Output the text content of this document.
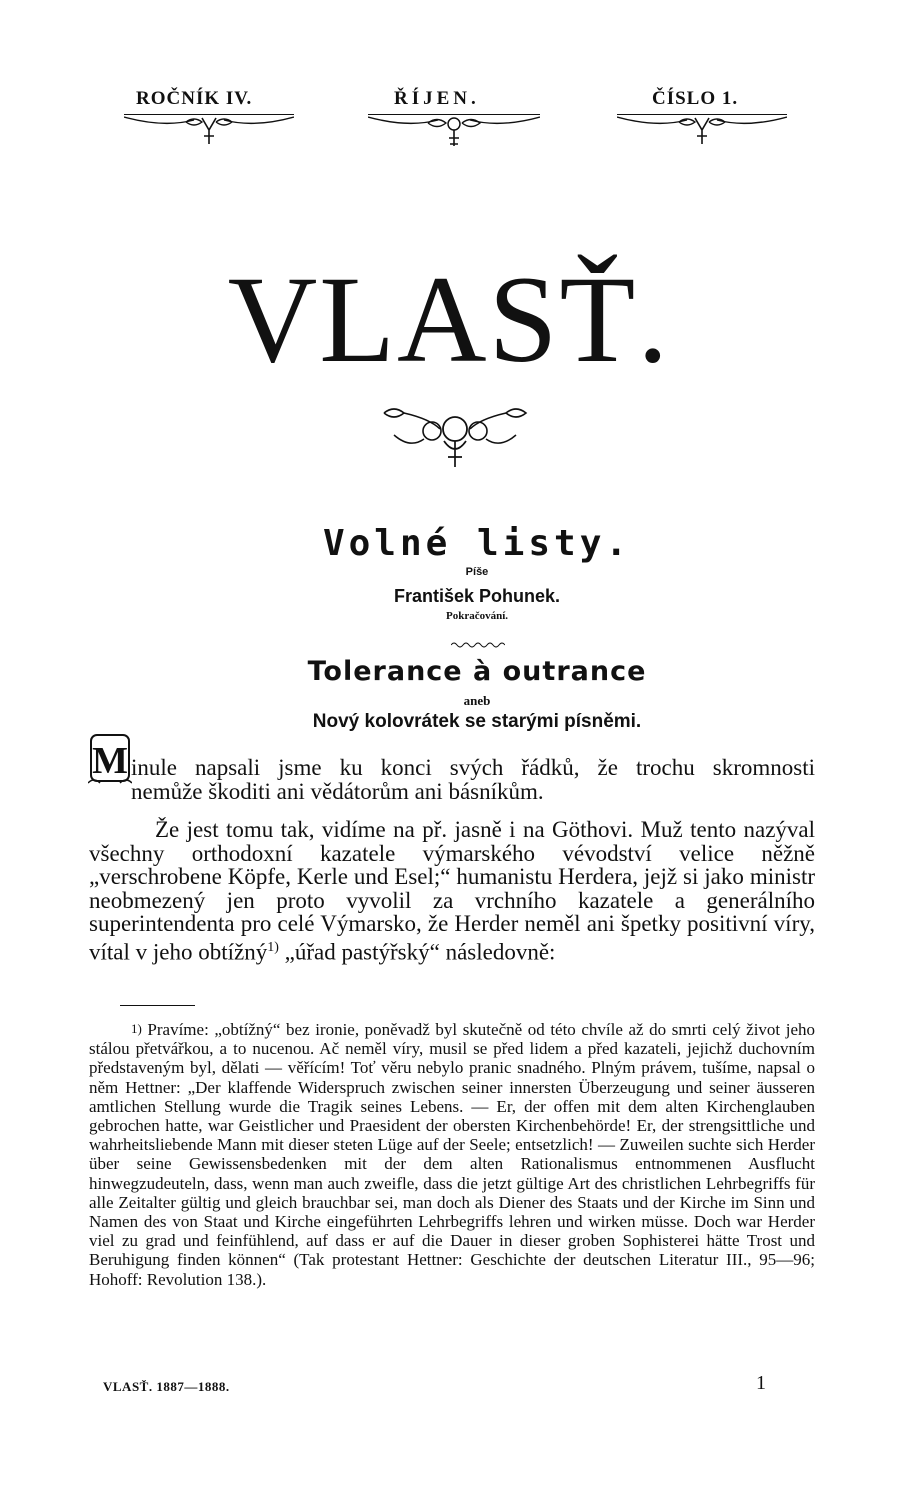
ROČNÍK IV.	ŘÍJEN.	ČÍSLO 1.
VLASŤ.
Volné listy.
Píše
František Pohunek.
Pokračování.
Tolerance à outrance
aneb
Nový kolovrátek se starými písněmi.
M inule napsali jsme ku konci svých řádků, že trochu skromnosti

nemůže škoditi ani vědátorům ani básníkům.

Že jest tomu tak, vidíme na př. jasně i na Göthovi. Muž tento nazýval všechny orthodoxní kazatele výmarského vévodství velice něžně „verschrobene Köpfe, Kerle und Esel;“ humanistu Herdera, jejž si jako ministr neobmezený jen proto vyvolil za vrchního kazatele a generálního superintendenta pro celé Výmarsko, že Herder neměl ani špetky positivní víry, vítal v jeho obtížný$^{1)}$ „úřad pastýřský“ následovně:

1) Pravíme: „obtížný“ bez ironie, poněvadž byl skutečně od této chvíle až do smrti celý život jeho stálou přetvářkou, a to nucenou. Ač neměl víry, musil se před lidem a před kazateli, jejichž duchovním představeným byl, dělati — věřícím! Toť věru nebylo pranic snadného. Plným právem, tušíme, napsal o něm Hettner: „Der klaffende Widerspruch zwischen seiner innersten Überzeugung und seiner äusseren amtlichen Stellung wurde die Tragik seines Lebens. — Er, der offen mit dem alten Kirchenglauben gebrochen hatte, war Geistlicher und Praesident der obersten Kirchenbehörde! Er, der strengsittliche und wahrheitsliebende Mann mit dieser steten Lüge auf der Seele; entsetzlich! — Zuweilen suchte sich Herder über seine Gewissensbedenken mit der dem alten Rationalismus entnommenen Ausflucht hinwegzudeuteln, dass, wenn man auch zweifle, dass die jetzt gültige Art des christlichen Lehrbegriffs für alle Zeitalter gültig und gleich brauchbar sei, man doch als Diener des Staats und der Kirche im Sinn und Namen des von Staat und Kirche eingeführten Lehrbegriffs lehren und wirken müsse. Doch war Herder viel zu grad und feinfühlend, auf dass er auf die Dauer in dieser groben Sophisterei hätte Trost und Beruhigung finden können“ (Tak protestant Hettner: Geschichte der deutschen Literatur III., 95—96; Hohoff: Revolution 138.).
VLASŤ. 1887—1888.	1
